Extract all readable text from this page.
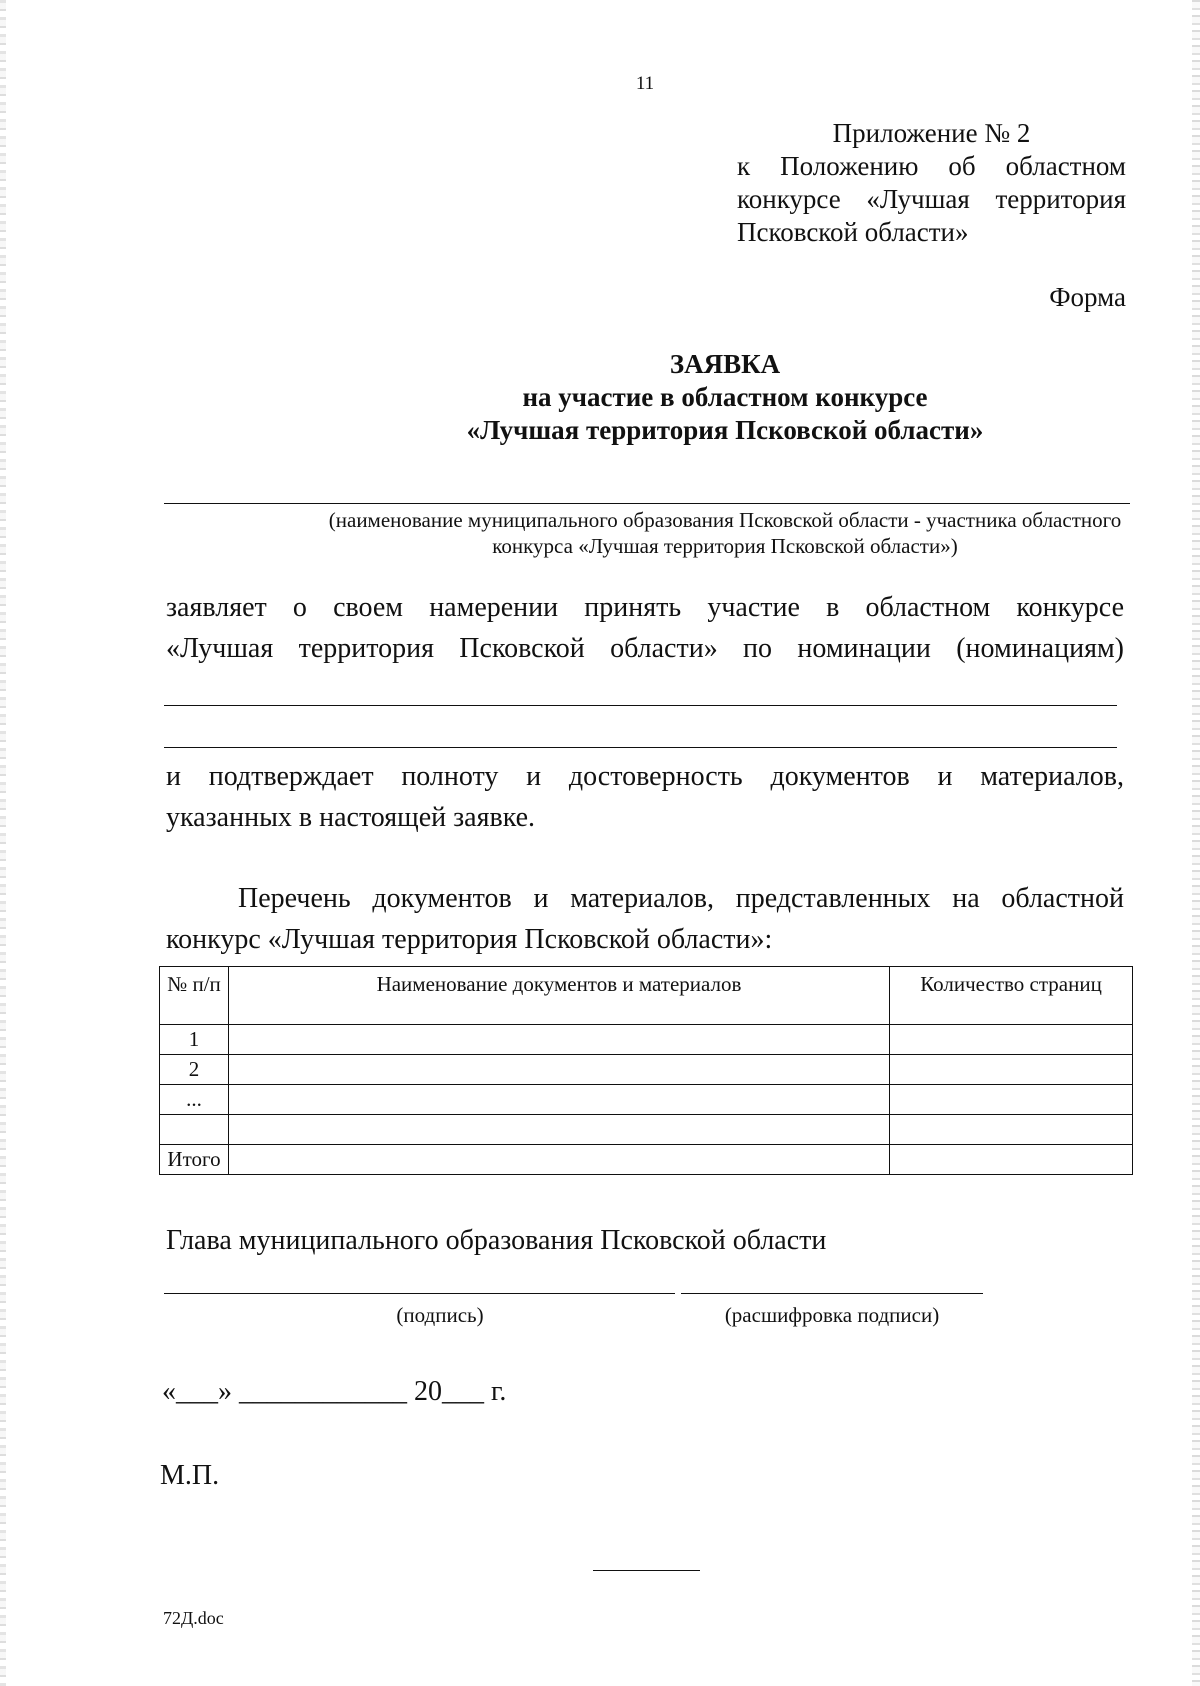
11
Приложение № 2
к Положению об областном
конкурсе «Лучшая территория
Псковской области»
Форма
ЗАЯВКА
на участие в областном конкурсе
«Лучшая территория Псковской области»
(наименование муниципального образования Псковской области - участника областного
конкурса «Лучшая территория Псковской области»)
заявляет о своем намерении принять участие в областном конкурсе
«Лучшая территория Псковской области» по номинации (номинациям)
и подтверждает полноту и достоверность документов и материалов,
указанных в настоящей заявке.
Перечень документов и материалов, представленных на областной
конкурс «Лучшая территория Псковской области»:
№ п/п	Наименование документов и материалов	Количество страниц
1		
2		
...		

Итого		
Глава муниципального образования Псковской области
(подпись)	(расшифровка подписи)
«___» ____________ 20___ г.
М.П.
72Д.doc
